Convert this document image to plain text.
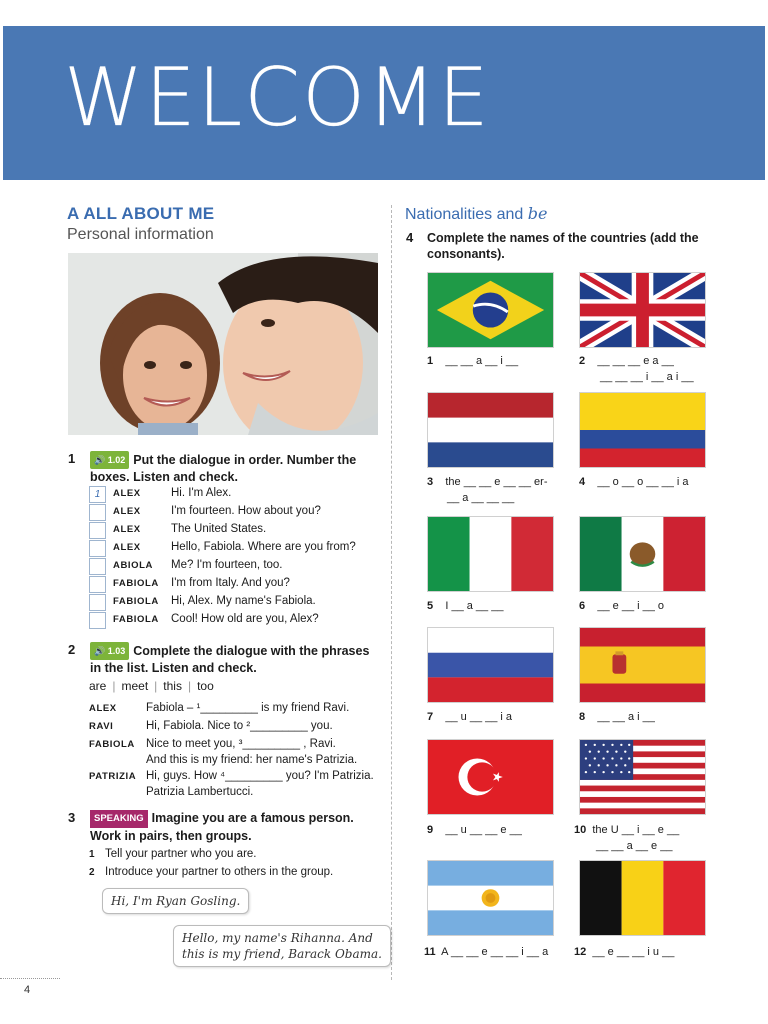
WELCOME
A ALL ABOUT ME
Personal information
1	🔊 1.02 Put the dialogue in order. Number the boxes. Listen and check.
1	ALEX	Hi. I'm Alex.
ALEX	I'm fourteen. How about you?
ALEX	The United States.
ALEX	Hello, Fabiola. Where are you from?
ABIOLA Me? I'm fourteen, too.
FABIOLA I'm from Italy. And you?
FABIOLA Hi, Alex. My name's Fabiola.
FABIOLA Cool! How old are you, Alex?
2	🔊 1.03 Complete the dialogue with the phrases in the list. Listen and check.
are | meet | this | too
ALEX	Fabiola – ¹_________ is my friend Ravi.
RAVI	Hi, Fabiola. Nice to ²_________ you.
FABIOLA Nice to meet you, ³_________ , Ravi.
And this is my friend: her name's Patrizia.
PATRIZIA Hi, guys. How ⁴_________ you? I'm Patrizia.
Patrizia Lambertucci.
3	SPEAKING Imagine you are a famous person. Work in pairs, then groups.
1 Tell your partner who you are.
2 Introduce your partner to others in the group.
Hi, I'm Ryan Gosling.
Hello, my name's Rihanna. And
this is my friend, Barack Obama.
Nationalities and be
4 Complete the names of the countries (add the consonants).
1 __ __ a __ i __	2 __ __ __ e a __
__ __ __ i __ a i __
3 the __ __ e __ __ er-
__ a __ __ __
4 __ o __ o __ __ i a
5 I __ a __ __	6 __ e __ i __ o
7 __ u __ __ i a	8 __ __ a i __
9 __ u __ __ e __	10 the U __ i __ e __
__ __ a __ e __
11 A __ __ e __ __ i __ a 12 __ e __ __ i u __
4
